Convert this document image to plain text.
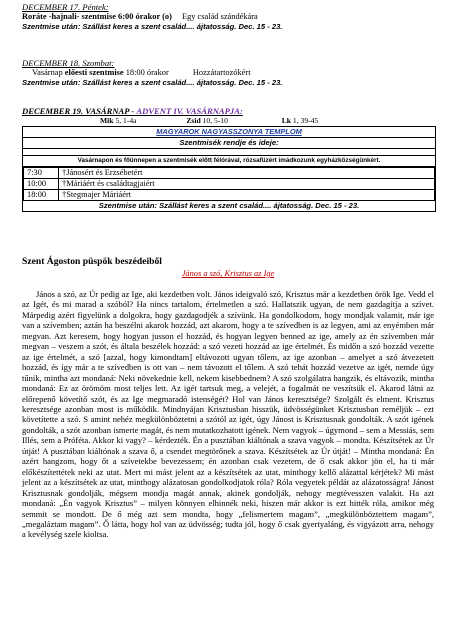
DECEMBER 17. Péntek:
Roráte -hajnali- szentmise 6:00 órakor (o) Egy család szándékára
Szentmise után: Szállást keres a szent család.... ájtatosság. Dec. 15 - 23.
DECEMBER 18. Szombat:
Vasárnap előesti szentmise 18:00 órakor	Hozzátartozókért
Szentmise után: Szállást keres a szent család.... ájtatosság. Dec. 15 - 23.
DECEMBER 19. VASÁRNAP - ADVENT IV. VASÁRNAPJA:
Mik 5, 1-4a	Zsid 10, 5-10	Lk 1, 39-45
MAGYAROK NAGYASSZONYA TEMPLOM
Szentmisék rendje és ideje:
Vasárnapon és főünnepen a szentmisék előtt félórával, rózsafüzért imádkozunk egyházközségünkért.
7:30	†Jánosért és Erzsébetért
10:00	†Máriáért és családtagjaiért
18:00	†Stegmajer Máriáért
Szentmise után: Szállást keres a szent család.... ájtatosság. Dec. 15 - 23.
Szent Ágoston püspök beszédeiből
János a szó, Krisztus az Ige

János a szó, az Úr pedig az Ige, aki kezdetben volt. János ideigvaló szó, Krisztus már a kezdetben örök Ige. Vedd el az Igét, és mi marad a szóból? Ha nincs tartalom, értelmetlen a szó. Hallatszik ugyan, de nem gazdagítja a szívet. Márpedig azért figyelünk a dolgokra, hogy gazdagodjék a szívünk. Ha gondolkodom, hogy mondjak valamit, már ige van a szívemben; aztán ha beszélni akarok hozzád, azt akarom, hogy a te szívedben is az legyen, ami az enyémben már megvan. Azt keresem, hogy hogyan jusson el hozzád, és hogyan legyen benned az ige, amely az én szívemben már megvan – veszem a szót, és általa beszélek hozzád: a szó vezeti hozzád az ige értelmét. És midőn a szó hozzád vezette az ige értelmét, a szó [azzal, hogy kimondtam] eltávozott ugyan tőlem, az ige azonban – amelyet a szó átvezetett hozzád, és így már a te szívedben is ott van – nem távozott el tőlem. A szó tehát hozzád vezetve az igét, nemde úgy tűnik, mintha azt mondaná: Neki növekednie kell, nekem kisebbednem? A szó szolgálatra hangzik, és eltávozik, mintha mondaná: Ez az örömöm most teljes lett. Az igét tartsuk meg, a velejét, a fogalmát ne veszítsük el. Akarod látni az előrepenő követítő szót, és az Ige megmaradó istenségét? Hol van János keresztsége? Szolgált és elment. Krisztus keresztsége azonban most is működik. Mindnyájan Krisztusban hisszük, üdvösségünket Krisztusban reméljük – ezt követítette a szó. S amint nehéz megkülönböztetni a szótól az igét, úgy Jánost is Krisztusnak gondolták. A szót igének gondolták, a szót azonban ismerte magát, és nem mutatkozhatott igének. Nem vagyok – úgymond – sem a Messiás, sem Illés, sem a Próféta. Akkor ki vagy? – kérdezték. Én a pusztában kiáltónak a szava vagyok – mondta. Készítsétek az Úr útját! A pusztában kiáltónak a szava ő, a csendet megtörőnek a szava. Készítsétek az Úr útját! – Mintha mondaná: Én azért hangzom, hogy őt a szívetekbe bevezessem; én azonban csak vezetem, de ő csak akkor jön el, ha ti már előkészítettétek neki az utat. Mert mi mást jelent az a készítsétek az utat, minthogy kellő alázattal kérjétek? Mi mást jelent az a készítsétek az utat, minthogy alázatosan gondolkodjatok róla? Róla vegyetek példát az alázatosságra! Jánost Krisztusnak gondolják, mégsem mondja magát annak, akinek gondolják, nehogy megtévesszen valakit. Ha azt mondaná: „Én vagyok Krisztus” – milyen könnyen elhinnék neki, hiszen már akkor is ezt hitték róla, amikor még semmit se mondott. De ő még azt sem mondta, hogy „felismertem magam”, „megkülönböztettem magam”, „megaláztam magam”. Ő látta, hogy hol van az üdvösség; tudta jól, hogy ő csak gyertyaláng, és vigyázott arra, nehogy a kevélység szele kioltsa.
